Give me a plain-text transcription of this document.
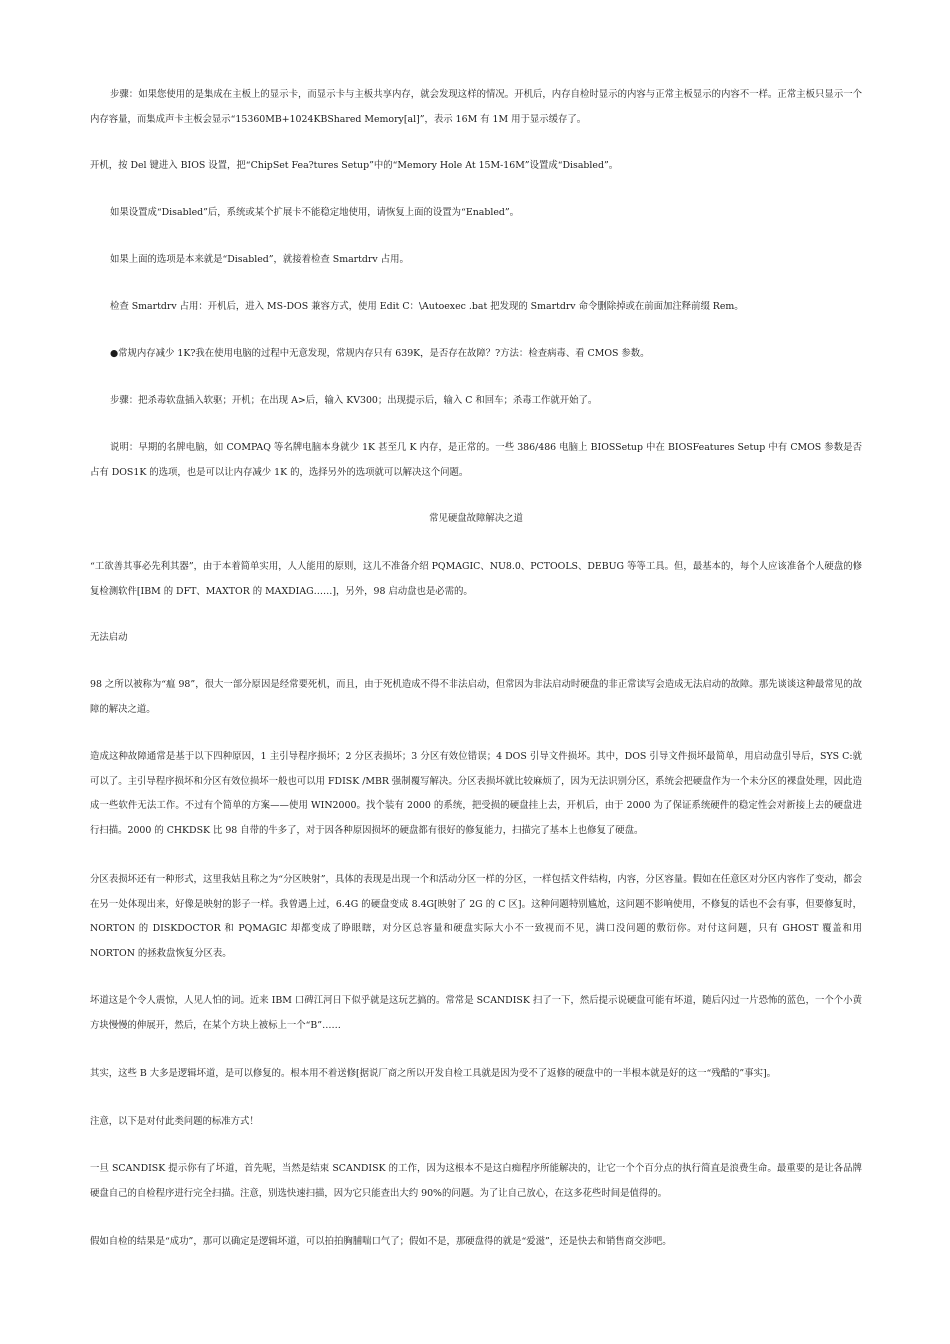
步骤：如果您使用的是集成在主板上的显示卡，而显示卡与主板共享内存，就会发现这样的情况。开机后，内存自检时显示的内容与正常主板显示的内容不一样。正常主板只显示一个内存容量，而集成声卡主板会显示“15360MB+1024KBShared Memory[al]”，表示 16M 有 1M 用于显示缓存了。

开机，按 Del 键进入 BIOS 设置，把“ChipSet Fea?tures Setup”中的“Memory Hole At 15M-16M”设置成“Disabled”。

如果设置成“Disabled”后，系统或某个扩展卡不能稳定地使用，请恢复上面的设置为“Enabled”。

如果上面的选项是本来就是“Disabled”，就接着检查 Smartdrv 占用。

检查 Smartdrv 占用：开机后，进入 MS-DOS 兼容方式，使用 Edit C：\Autoexec .bat 把发现的 Smartdrv 命令删除掉或在前面加注释前缀 Rem。

●常规内存减少 1K?我在使用电脑的过程中无意发现，常规内存只有 639K，是否存在故障？?方法：检查病毒、看 CMOS 参数。

步骤：把杀毒软盘插入软驱；开机；在出现 A>后，输入 KV300；出现提示后，输入 C 和回车；杀毒工作就开始了。

说明：早期的名牌电脑，如 COMPAQ 等名牌电脑本身就少 1K 甚至几 K 内存，是正常的。一些 386/486 电脑上 BIOSSetup 中在 BIOSFeatures Setup 中有 CMOS 参数是否占有 DOS1K 的选项，也是可以让内存减少 1K 的，选择另外的选项就可以解决这个问题。

常见硬盘故障解决之道

“工欲善其事必先利其器”，由于本着简单实用，人人能用的原则，这儿不准备介绍 PQMAGIC、NU8.0、PCTOOLS、DEBUG 等等工具。但，最基本的，每个人应该准备个人硬盘的修复检测软件[IBM 的 DFT、MAXTOR 的 MAXDIAG……]，另外，98 启动盘也是必需的。

无法启动

98 之所以被称为“瘟 98”，很大一部分原因是经常要死机，而且，由于死机造成不得不非法启动，但常因为非法启动时硬盘的非正常读写会造成无法启动的故障。那先谈谈这种最常见的故障的解决之道。

造成这种故障通常是基于以下四种原因，1 主引导程序损坏；2 分区表损坏；3 分区有效位错误；4 DOS 引导文件损坏。其中，DOS 引导文件损坏最简单，用启动盘引导后，SYS C:就可以了。主引导程序损坏和分区有效位损坏一般也可以用 FDISK /MBR 强制覆写解决。分区表损坏就比较麻烦了，因为无法识别分区，系统会把硬盘作为一个未分区的裸盘处理，因此造成一些软件无法工作。不过有个简单的方案——使用 WIN2000。找个装有 2000 的系统，把受损的硬盘挂上去，开机后，由于 2000 为了保证系统硬件的稳定性会对新接上去的硬盘进行扫描。2000 的 CHKDSK 比 98 自带的牛多了，对于因各种原因损坏的硬盘都有很好的修复能力，扫描完了基本上也修复了硬盘。

分区表损坏还有一种形式，这里我姑且称之为“分区映射”，具体的表现是出现一个和活动分区一样的分区，一样包括文件结构，内容，分区容量。假如在任意区对分区内容作了变动，都会在另一处体现出来，好像是映射的影子一样。我曾遇上过，6.4G 的硬盘变成 8.4G[映射了 2G 的 C 区]。这种问题特别尴尬，这问题不影响使用，不修复的话也不会有事，但要修复时，NORTON 的 DISKDOCTOR 和 PQMAGIC 却都变成了睁眼瞎，对分区总容量和硬盘实际大小不一致视而不见，满口没问题的敷衍你。对付这问题，只有 GHOST 覆盖和用 NORTON 的拯救盘恢复分区表。

坏道这是个令人震惊，人见人怕的词。近来 IBM 口碑江河日下似乎就是这玩艺搞的。常常是 SCANDISK 扫了一下，然后提示说硬盘可能有坏道，随后闪过一片恐怖的蓝色，一个个小黄方块慢慢的伸展开，然后，在某个方块上被标上一个“B”……

其实，这些 B 大多是逻辑坏道，是可以修复的。根本用不着送修[据说厂商之所以开发自检工具就是因为受不了返修的硬盘中的一半根本就是好的这一“残酷的”事实]。

注意，以下是对付此类问题的标准方式！

一旦 SCANDISK 提示你有了坏道，首先呢，当然是结束 SCANDISK 的工作，因为这根本不是这白痴程序所能解决的，让它一个个百分点的执行简直是浪费生命。最重要的是让各品牌硬盘自己的自检程序进行完全扫描。注意，别选快速扫描，因为它只能查出大约 90%的问题。为了让自己放心，在这多花些时间是值得的。

假如自检的结果是“成功”，那可以确定是逻辑坏道，可以拍拍胸脯喘口气了；假如不是，那硬盘得的就是“爱滋”，还是快去和销售商交涉吧。
